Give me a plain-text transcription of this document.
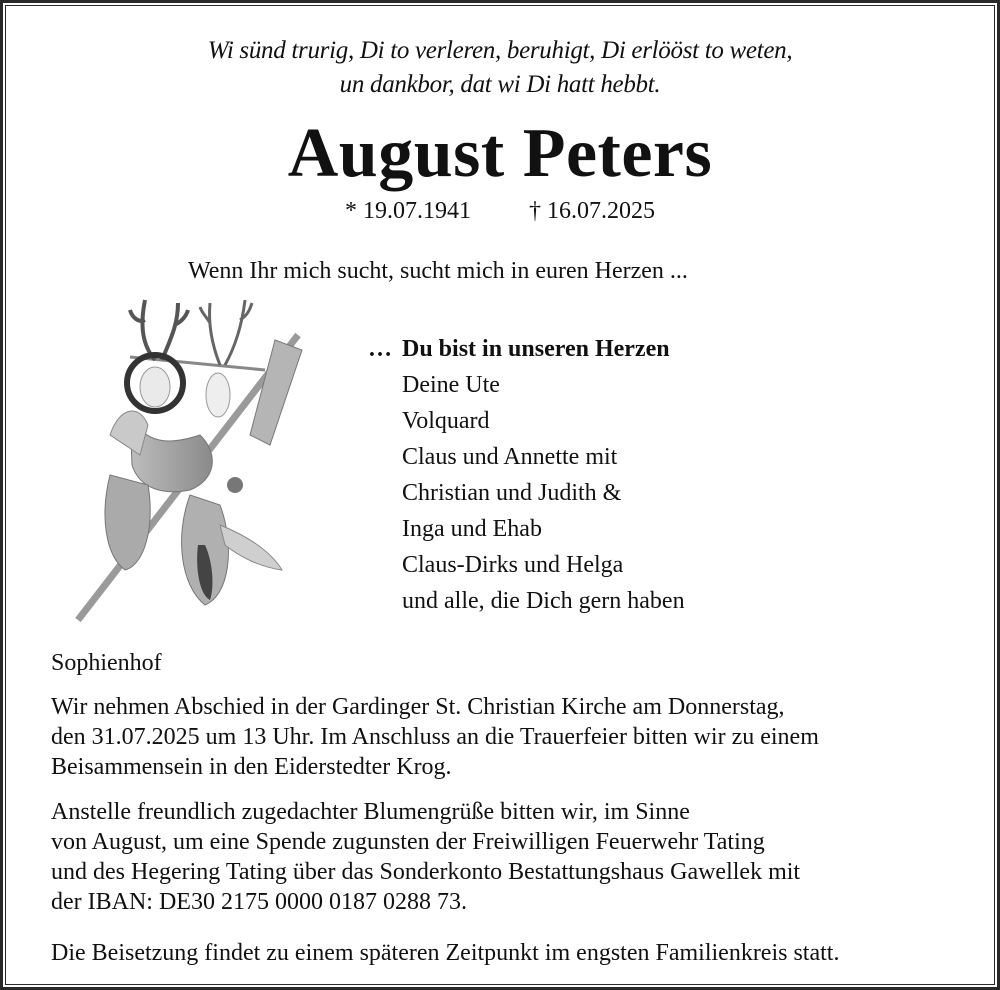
Wi sünd trurig, Di to verleren, beruhigt, Di erlööst to weten,
un dankbor, dat wi Di hatt hebbt.
August Peters
* 19.07.1941 † 16.07.2025
Wenn Ihr mich sucht, sucht mich in euren Herzen ...
… Du bist in unseren Herzen
Deine Ute
Volquard
Claus und Annette mit
Christian und Judith &
Inga und Ehab
Claus-Dirks und Helga
und alle, die Dich gern haben
Sophienhof
Wir nehmen Abschied in der Gardinger St. Christian Kirche am Donnerstag,
den 31.07.2025 um 13 Uhr. Im Anschluss an die Trauerfeier bitten wir zu einem
Beisammensein in den Eiderstedter Krog.
Anstelle freundlich zugedachter Blumengrüße bitten wir, im Sinne
von August, um eine Spende zugunsten der Freiwilligen Feuerwehr Tating
und des Hegering Tating über das Sonderkonto Bestattungshaus Gawellek mit
der IBAN: DE30 2175 0000 0187 0288 73.
Die Beisetzung findet zu einem späteren Zeitpunkt im engsten Familienkreis statt.
